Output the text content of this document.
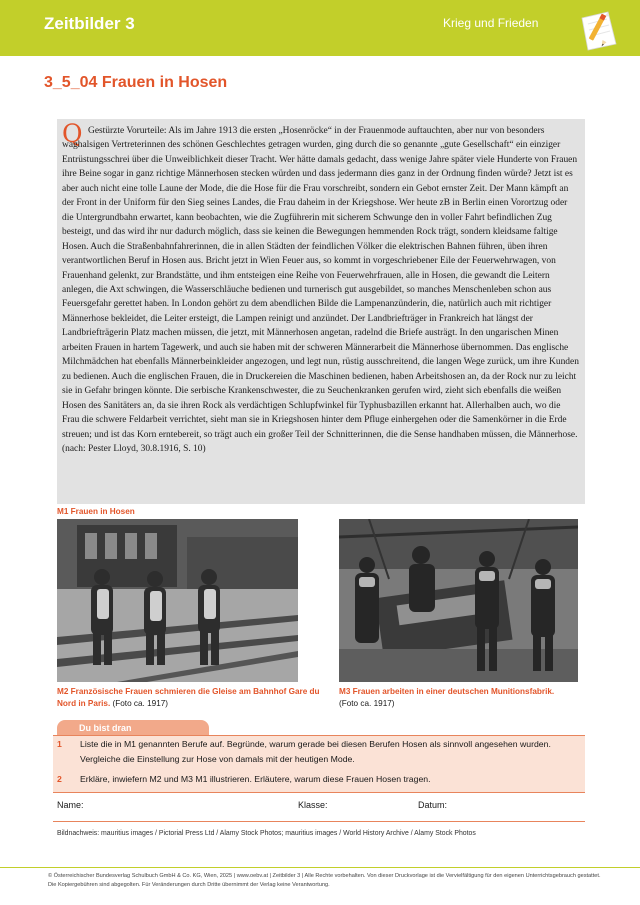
Zeitbilder 3	Krieg und Frieden
3_5_04 Frauen in Hosen
Q Gestürzte Vorurteile: Als im Jahre 1913 die ersten „Hosenröcke“ in der Frauenmode auftauchten, aber nur von besonders waghalsigen Vertreterinnen des schönen Geschlechtes getragen wurden, ging durch die so genannte „gute Gesellschaft“ ein einziger Entrüstungsschrei über die Unweiblichkeit dieser Tracht. Wer hätte damals gedacht, dass wenige Jahre später viele Hunderte von Frauen ihre Beine sogar in ganz richtige Männerhosen stecken würden und dass jedermann dies ganz in der Ordnung finden würde? Jetzt ist es aber auch nicht eine tolle Laune der Mode, die die Hose für die Frau vorschreibt, sondern ein Gebot ernster Zeit. Der Mann kämpft an der Front in der Uniform für den Sieg seines Landes, die Frau daheim in der Kriegshose. Wer heute zB in Berlin einen Vorortzug oder die Untergrundbahn erwartet, kann beobachten, wie die Zugführerin mit sicherem Schwunge den in voller Fahrt befindlichen Zug besteigt, und das wird ihr nur dadurch möglich, dass sie keinen die Bewegungen hemmenden Rock trägt, sondern kleidsame faltige Hosen. Auch die Straßenbahnfahrerinnen, die in allen Städten der feindlichen Völker die elektrischen Bahnen führen, üben ihren verantwortlichen Beruf in Hosen aus. Bricht jetzt in Wien Feuer aus, so kommt in vorgeschriebener Eile der Feuerwehrwagen, von Frauenhand gelenkt, zur Brandstätte, und ihm entsteigen eine Reihe von Feuerwehrfrauen, alle in Hosen, die gewandt die Leitern anlegen, die Axt schwingen, die Wasserschläuche bedienen und turnerisch gut ausgebildet, so manches Menschenleben schon aus Feuersgefahr gerettet haben. In London gehört zu dem abendlichen Bilde die Lampenanzünderin, die, natürlich auch mit richtiger Männerhose bekleidet, die Leiter ersteigt, die Lampen reinigt und anzündet. Der Landbriefträger in Frankreich hat längst der Landbriefträgerin Platz machen müssen, die jetzt, mit Männerhosen angetan, radelnd die Briefe austrägt. In den ungarischen Minen arbeiten Frauen in hartem Tagewerk, und auch sie haben mit der schweren Männerarbeit die Männerhose übernommen. Das englische Milchmädchen hat ebenfalls Männerbeinkleider angezogen, und legt nun, rüstig ausschreitend, die langen Wege zurück, um ihre Kunden zu bedienen. Auch die englischen Frauen, die in Druckereien die Maschinen bedienen, haben Arbeitshosen an, da der Rock nur zu leicht sie in Gefahr bringen könnte. Die serbische Krankenschwester, die zu Seuchenkranken gerufen wird, zieht sich ebenfalls die weißen Hosen des Sanitäters an, da sie ihren Rock als verdächtigen Schlupfwinkel für Typhusbazillen erkannt hat. Allerhalben auch, wo die Frau die schwere Feldarbeit verrichtet, sieht man sie in Kriegshosen hinter dem Pfluge einhergehen oder die Samenkörner in die Erde streuen; und ist das Korn erntebereit, so trägt auch ein großer Teil der Schnitterinnen, die die Sense handhaben müssen, die Männerhose.
(nach: Pester Lloyd, 30.8.1916, S. 10)

M1 Frauen in Hosen
M2 Französische Frauen schmieren die Gleise am Bahnhof Gare du Nord in Paris. (Foto ca. 1917)
M3 Frauen arbeiten in einer deutschen Munitionsfabrik.
(Foto ca. 1917)
Du bist dran
1 Liste die in M1 genannten Berufe auf. Begründe, warum gerade bei diesen Berufen Hosen als sinnvoll angesehen wurden. Vergleiche die Einstellung zur Hose von damals mit der heutigen Mode.
2 Erkläre, inwiefern M2 und M3 M1 illustrieren. Erläutere, warum diese Frauen Hosen tragen.
Name:	Klasse:	Datum:
Bildnachweis: mauritius images / Pictorial Press Ltd / Alamy Stock Photos; mauritius images / World History Archive / Alamy Stock Photos
© Österreichischer Bundesverlag Schulbuch GmbH & Co. KG, Wien, 2025 | www.oebv.at | Zeitbilder 3 | Alle Rechte vorbehalten. Von dieser Druckvorlage ist die Vervielfältigung für den eigenen Unterrichtsgebrauch gestattet. Die Kopiergebühren sind abgegolten. Für Veränderungen durch Dritte übernimmt der Verlag keine Verantwortung.
